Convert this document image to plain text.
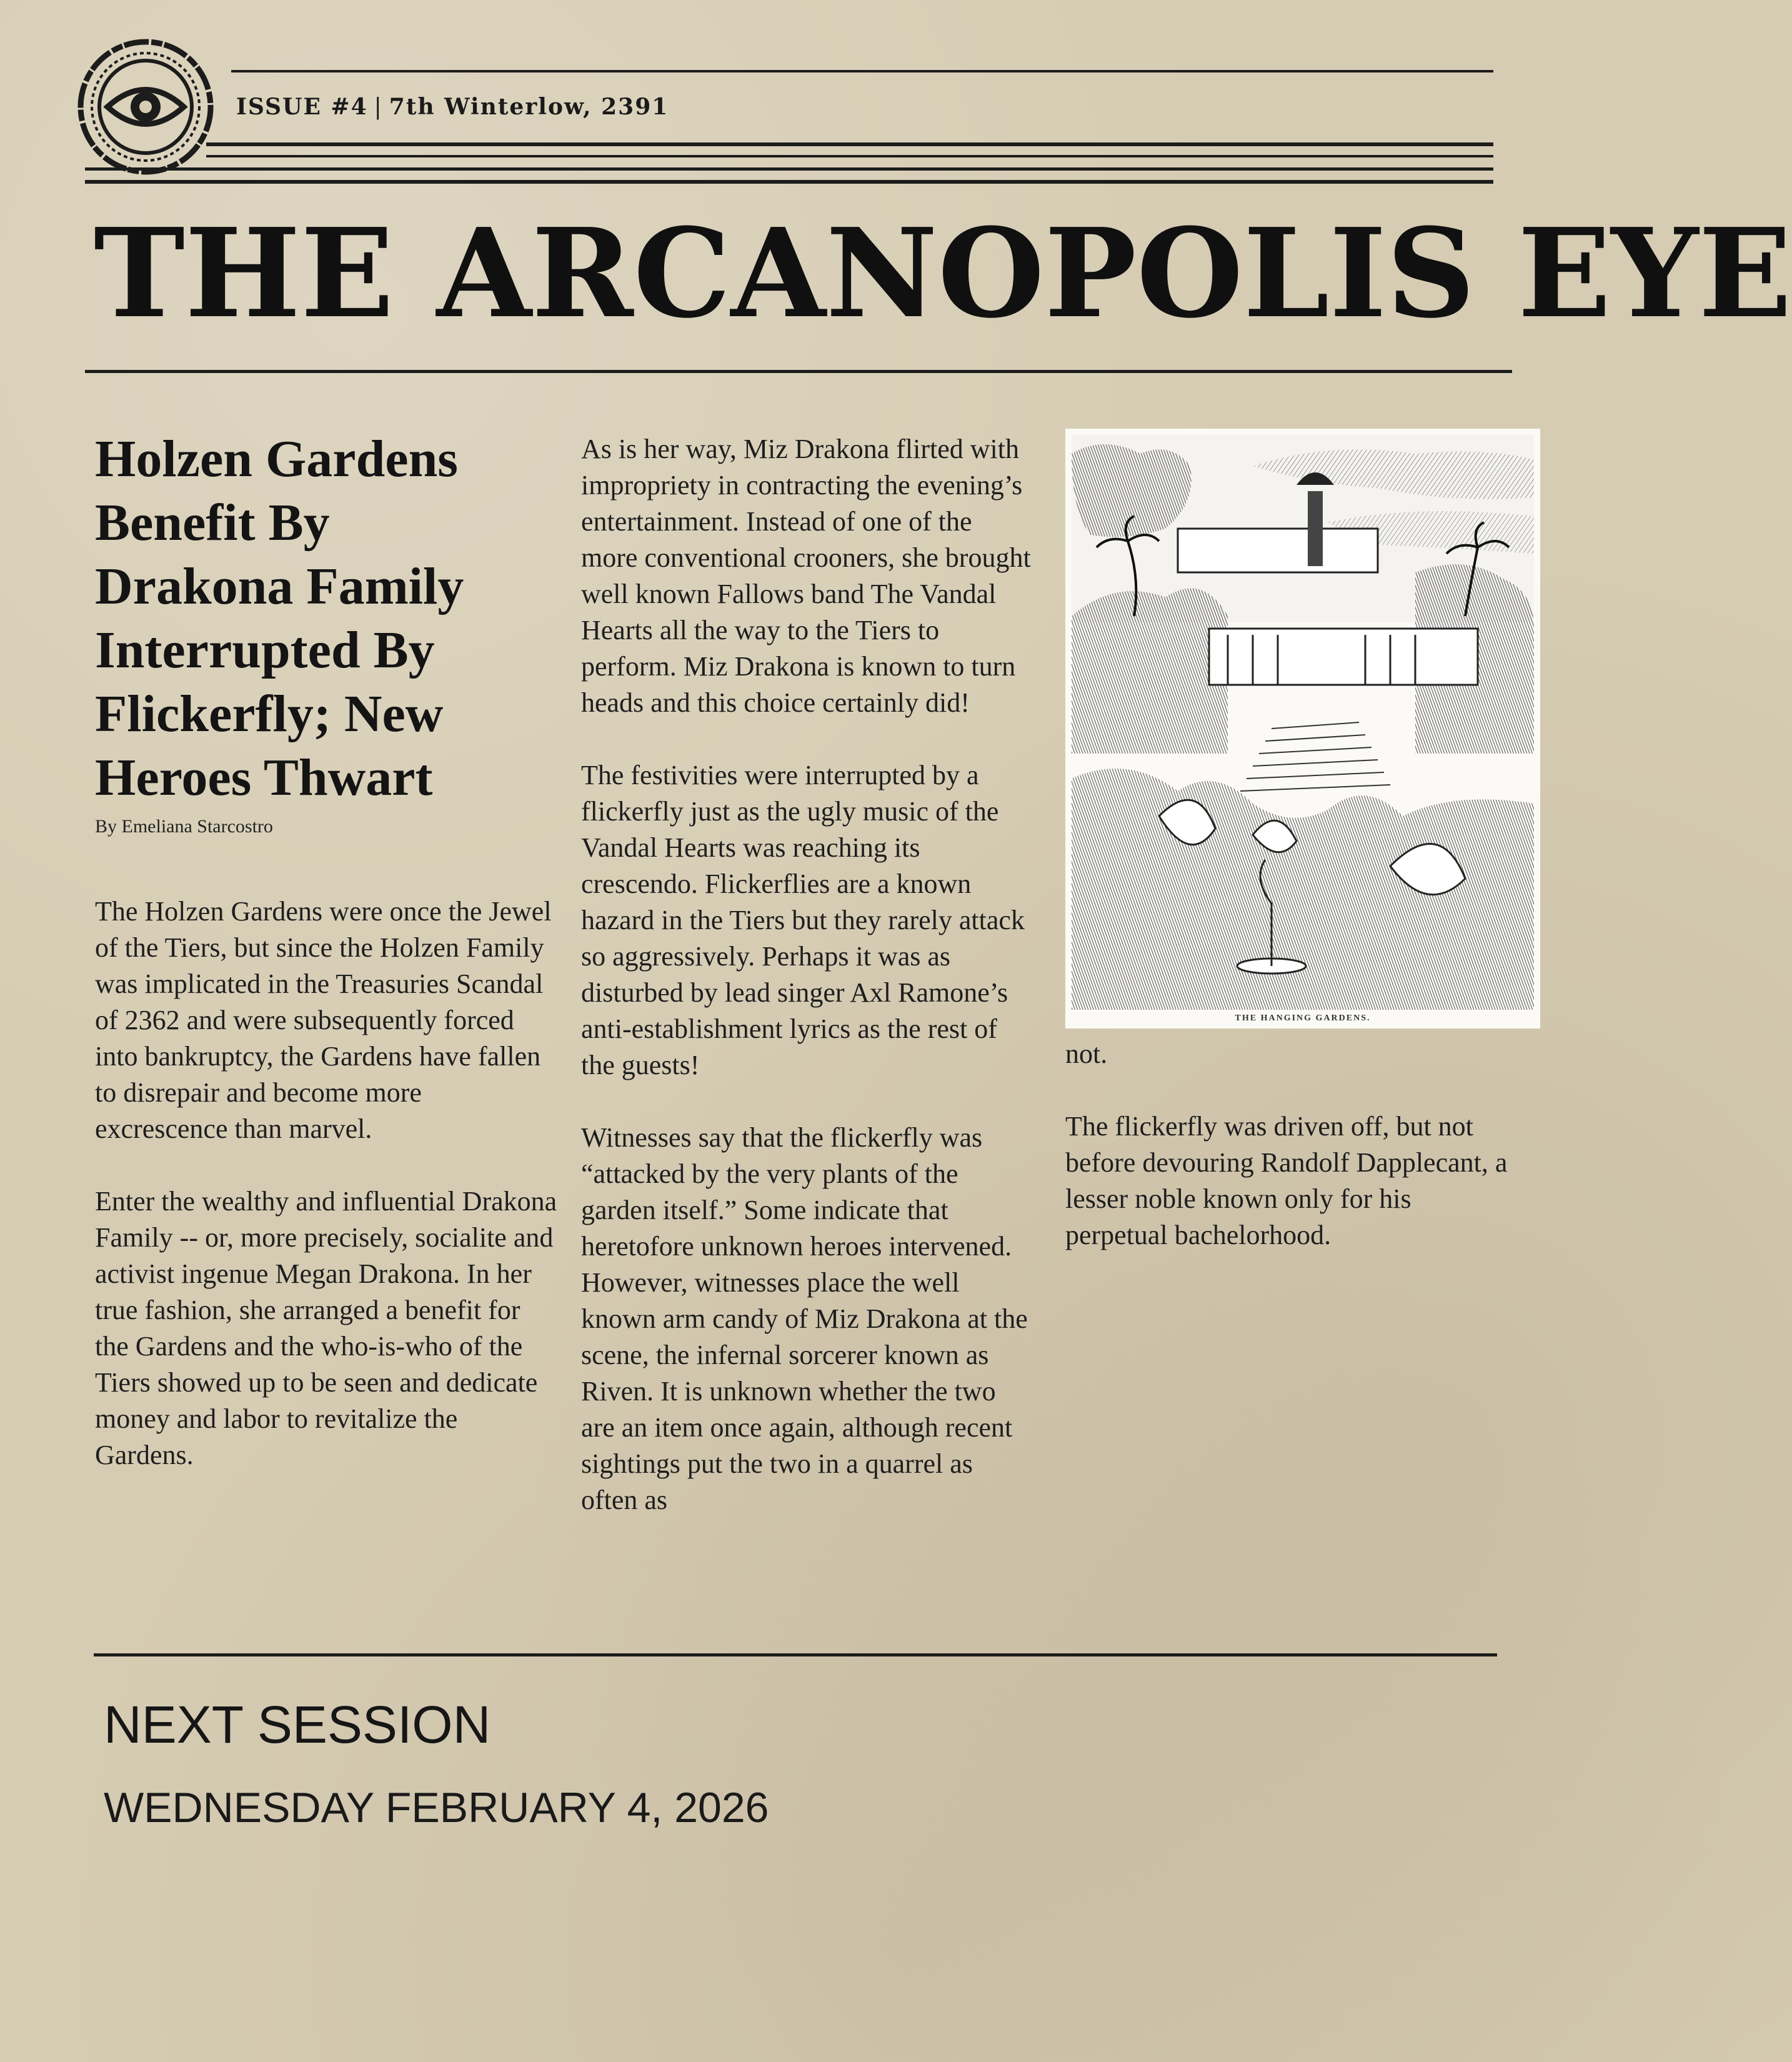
ISSUE #4 | 7th Winterlow, 2391
THE ARCANOPOLIS EYE
Holzen Gardens Benefit By Drakona Family Interrupted By Flickerfly; New Heroes Thwart
By Emeliana Starcostro

The Holzen Gardens were once the Jewel of the Tiers, but since the Holzen Family was implicated in the Treasuries Scandal of 2362 and were subsequently forced into bankruptcy, the Gardens have fallen to disrepair and become more excrescence than marvel.

Enter the wealthy and influential Drakona Family -- or, more precisely, socialite and activist ingenue Megan Drakona. In her true fashion, she arranged a benefit for the Gardens and the who-is-who of the Tiers showed up to be seen and dedicate money and labor to revitalize the Gardens.

As is her way, Miz Drakona flirted with impropriety in contracting the evening’s entertainment. Instead of one of the more conventional crooners, she brought well known Fallows band The Vandal Hearts all the way to the Tiers to perform. Miz Drakona is known to turn heads and this choice certainly did!

The festivities were interrupted by a flickerfly just as the ugly music of the Vandal Hearts was reaching its crescendo. Flickerflies are a known hazard in the Tiers but they rarely attack so aggressively. Perhaps it was as disturbed by lead singer Axl Ramone’s anti-establishment lyrics as the rest of the guests!

Witnesses say that the flickerfly was “attacked by the very plants of the garden itself.” Some indicate that heretofore unknown heroes intervened. However, witnesses place the well known arm candy of Miz Drakona at the scene, the infernal sorcerer known as Riven. It is unknown whether the two are an item once again, although recent sightings put the two in a quarrel as often as

THE HANGING GARDENS.

not.

The flickerfly was driven off, but not before devouring Randolf Dapplecant, a lesser noble known only for his perpetual bachelorhood.

NEXT SESSION
WEDNESDAY FEBRUARY 4, 2026
